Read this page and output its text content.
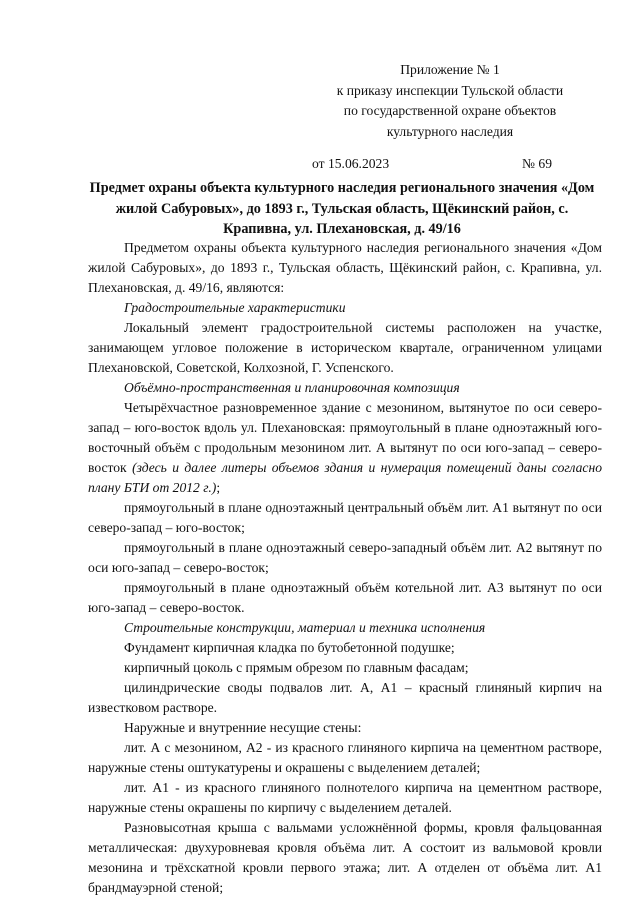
Приложение № 1
к приказу инспекции Тульской области
по государственной охране объектов
культурного наследия
от 15.06.2023	№ 69
Предмет охраны объекта культурного наследия регионального значения «Дом жилой Сабуровых», до 1893 г., Тульская область, Щёкинский район, с. Крапивна, ул. Плехановская, д. 49/16

Предметом охраны объекта культурного наследия регионального значения «Дом жилой Сабуровых», до 1893 г., Тульская область, Щёкинский район, с. Крапивна, ул. Плехановская, д. 49/16, являются:

Градостроительные характеристики

Локальный элемент градостроительной системы расположен на участке, занимающем угловое положение в историческом квартале, ограниченном улицами Плехановской, Советской, Колхозной, Г. Успенского.

Объёмно-пространственная и планировочная композиция

Четырёхчастное разновременное здание с мезонином, вытянутое по оси северо-запад – юго-восток вдоль ул. Плехановская: прямоугольный в плане одноэтажный юго-восточный объём с продольным мезонином лит. А вытянут по оси юго-запад – северо-восток (здесь и далее литеры объемов здания и нумерация помещений даны согласно плану БТИ от 2012 г.);

прямоугольный в плане одноэтажный центральный объём лит. А1 вытянут по оси северо-запад – юго-восток;

прямоугольный в плане одноэтажный северо-западный объём лит. А2 вытянут по оси юго-запад – северо-восток;

прямоугольный в плане одноэтажный объём котельной лит. А3 вытянут по оси юго-запад – северо-восток.

Строительные конструкции, материал и техника исполнения

Фундамент кирпичная кладка по бутобетонной подушке;

кирпичный цоколь с прямым обрезом по главным фасадам;

цилиндрические своды подвалов лит. А, А1 – красный глиняный кирпич на известковом растворе.

Наружные и внутренние несущие стены:

лит. А с мезонином, А2 - из красного глиняного кирпича на цементном растворе, наружные стены оштукатурены и окрашены с выделением деталей;

лит. А1 - из красного глиняного полнотелого кирпича на цементном растворе, наружные стены окрашены по кирпичу с выделением деталей.

Разновысотная крыша с вальмами усложнённой формы, кровля фальцованная металлическая: двухуровневая кровля объёма лит. А состоит из вальмовой кровли мезонина и трёхскатной кровли первого этажа; лит. А отделен от объёма лит. А1 брандмауэрной стеной;
